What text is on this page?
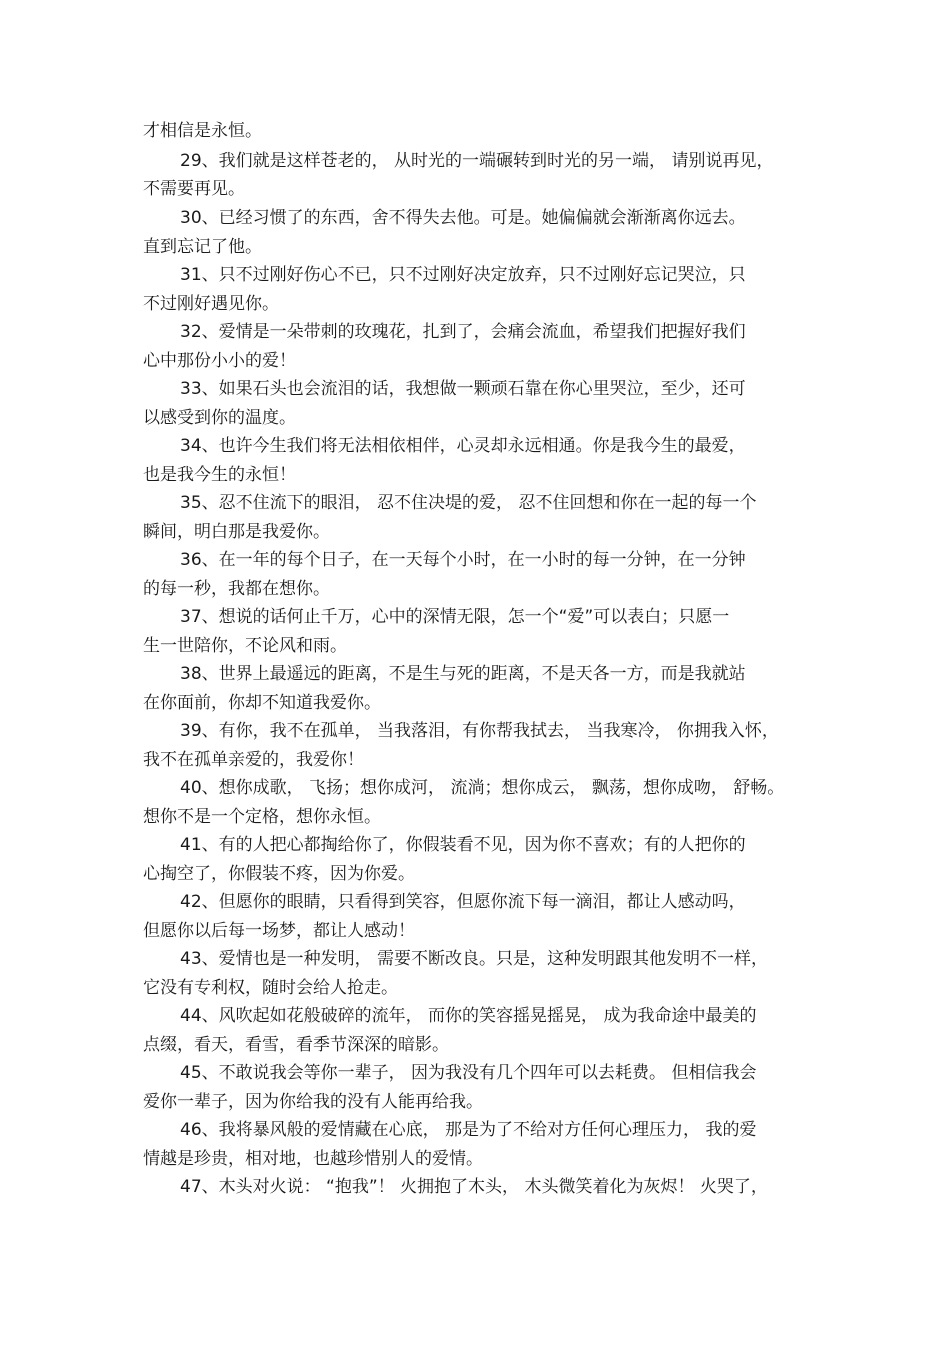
才相信是永恒。
29、我们就是这样苍老的， 从时光的一端碾转到时光的另一端， 请别说再见，
不需要再见。
30、已经习惯了的东西，舍不得失去他。可是。她偏偏就会渐渐离你远去。
直到忘记了他。
31、只不过刚好伤心不已，只不过刚好决定放弃，只不过刚好忘记哭泣，只
不过刚好遇见你。
32、爱情是一朵带刺的玫瑰花，扎到了，会痛会流血，希望我们把握好我们
心中那份小小的爱！
33、如果石头也会流泪的话，我想做一颗顽石靠在你心里哭泣，至少，还可
以感受到你的温度。
34、也许今生我们将无法相依相伴，心灵却永远相通。你是我今生的最爱，
也是我今生的永恒！
35、忍不住流下的眼泪， 忍不住决堤的爱， 忍不住回想和你在一起的每一个
瞬间，明白那是我爱你。
36、在一年的每个日子，在一天每个小时，在一小时的每一分钟，在一分钟
的每一秒，我都在想你。
37、想说的话何止千万，心中的深情无限，怎一个“爱”可以表白；只愿一
生一世陪你，不论风和雨。
38、世界上最遥远的距离，不是生与死的距离，不是天各一方，而是我就站
在你面前，你却不知道我爱你。
39、有你，我不在孤单， 当我落泪，有你帮我拭去， 当我寒冷， 你拥我入怀，
我不在孤单亲爱的，我爱你！
40、想你成歌， 飞扬；想你成河， 流淌；想你成云， 飘荡，想你成吻， 舒畅。
想你不是一个定格，想你永恒。
41、有的人把心都掏给你了，你假装看不见，因为你不喜欢；有的人把你的
心掏空了，你假装不疼，因为你爱。
42、但愿你的眼睛，只看得到笑容，但愿你流下每一滴泪，都让人感动吗，
但愿你以后每一场梦，都让人感动！
43、爱情也是一种发明， 需要不断改良。只是，这种发明跟其他发明不一样，
它没有专利权，随时会给人抢走。
44、风吹起如花般破碎的流年， 而你的笑容摇晃摇晃， 成为我命途中最美的
点缀，看天，看雪，看季节深深的暗影。
45、不敢说我会等你一辈子， 因为我没有几个四年可以去耗费。 但相信我会
爱你一辈子，因为你给我的没有人能再给我。
46、我将暴风般的爱情藏在心底， 那是为了不给对方任何心理压力， 我的爱
情越是珍贵，相对地，也越珍惜别人的爱情。
47、木头对火说： “抱我”！ 火拥抱了木头， 木头微笑着化为灰烬！ 火哭了，
